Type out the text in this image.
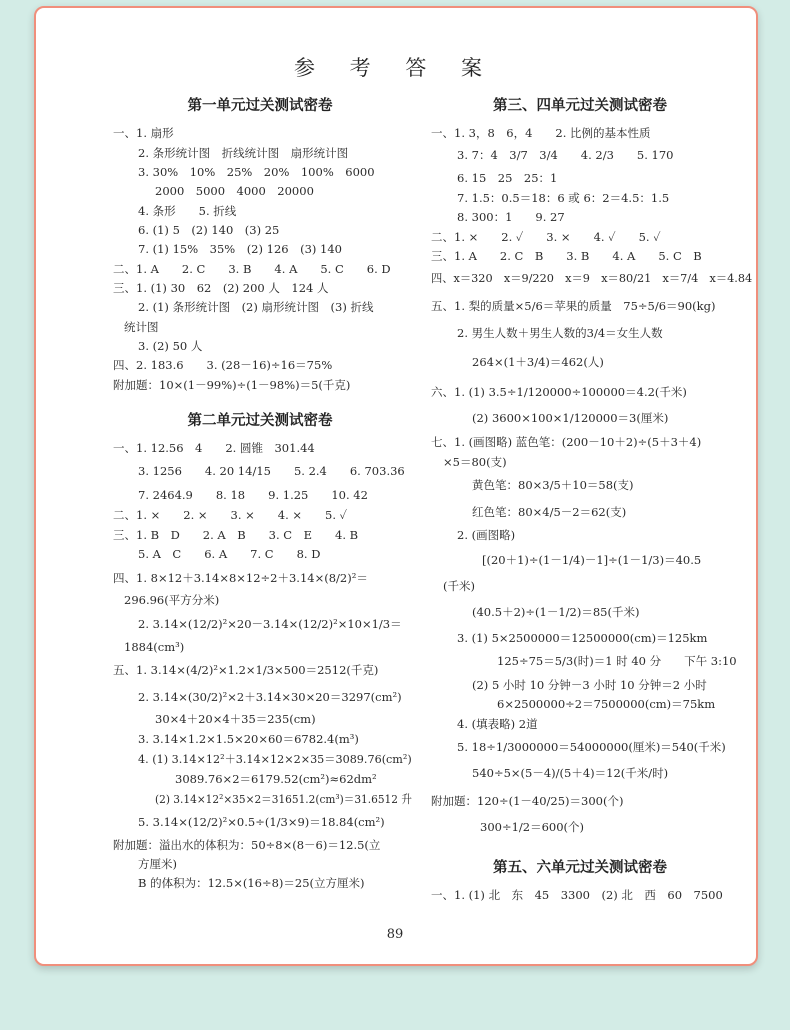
参 考 答 案
第一单元过关测试密卷
一、1. 扇形
2. 条形统计图　折线统计图　扇形统计图
3. 30%　10%　25%　20%　100%　6000
2000　5000　4000　20000
4. 条形　　5. 折线
6. (1) 5　(2) 140　(3) 25
7. (1) 15%　35%　(2) 126　(3) 140
二、1. A　　2. C　　3. B　　4. A　　5. C　　6. D
三、1. (1) 30　62　(2) 200 人　124 人
2. (1) 条形统计图　(2) 扇形统计图　(3) 折线
统计图
3. (2) 50 人
四、2. 183.6　　3. (28－16)÷16＝75%
附加题：10×(1－99%)÷(1－98%)＝5(千克)
第二单元过关测试密卷
一、1. 12.56　4　　2. 圆锥　301.44
3. 1256　　4. 20 14/15　　5. 2.4　　6. 703.36
7. 2464.9　　8. 18　　9. 1.25　　10. 42
二、1. ×　　2. ×　　3. ×　　4. ×　　5. ✓
三、1. B　D　　2. A　B　　3. C　E　　4. B
5. A　C　　6. A　　7. C　　8. D
四、1. 8×12＋3.14×8×12÷2＋3.14×(8/2)²＝
296.96(平方分米)
2. 3.14×(12/2)²×20－3.14×(12/2)²×10×1/3＝
1884(cm³)
五、1. 3.14×(4/2)²×1.2×1/3×500＝2512(千克)
2. 3.14×(30/2)²×2＋3.14×30×20＝3297(cm²)
30×4＋20×4＋35＝235(cm)
3. 3.14×1.2×1.5×20×60＝6782.4(m³)
4. (1) 3.14×12²＋3.14×12×2×35＝3089.76(cm²)
3089.76×2＝6179.52(cm²)≈62dm²
(2) 3.14×12²×35×2＝31651.2(cm³)＝31.6512 升
5. 3.14×(12/2)²×0.5÷(1/3×9)＝18.84(cm²)
附加题：溢出水的体积为：50÷8×(8－6)＝12.5(立
方厘米)
B 的体积为：12.5×(16÷8)＝25(立方厘米)
第三、四单元过关测试密卷
一、1. 3，8　6，4　　2. 比例的基本性质
3. 7：4　3/7　3/4　　4. 2/3　　5. 170
6. 15　25　25：1
7. 1.5：0.5＝18：6 或 6：2＝4.5：1.5
8. 300：1　　9. 27
二、1. ×　　2. ✓　　3. ×　　4. ✓　　5. ✓
三、1. A　　2. C　B　　3. B　　4. A　　5. C　B
四、x＝320　x＝9/220　x＝9　x＝80/21　x＝7/4　x＝4.84
五、1. 梨的质量×5/6＝苹果的质量　75÷5/6＝90(kg)
2. 男生人数＋男生人数的3/4＝女生人数
264×(1＋3/4)＝462(人)
六、1. (1) 3.5÷1/120000÷100000＝4.2(千米)
(2) 3600×100×1/120000＝3(厘米)
七、1. (画图略) 蓝色笔：(200－10＋2)÷(5＋3＋4)
×5＝80(支)
黄色笔：80×3/5＋10＝58(支)
红色笔：80×4/5－2＝62(支)
2. (画图略)
[(20＋1)÷(1－1/4)－1]÷(1－1/3)＝40.5
(千米)
(40.5＋2)÷(1－1/2)＝85(千米)
3. (1) 5×2500000＝12500000(cm)＝125km
125÷75＝5/3(时)＝1 时 40 分　　下午 3:10
(2) 5 小时 10 分钟－3 小时 10 分钟＝2 小时
6×2500000÷2＝7500000(cm)＝75km
4. (填表略) 2道
5. 18÷1/3000000＝54000000(厘米)＝540(千米)
540÷5×(5－4)/(5＋4)＝12(千米/时)
附加题：120÷(1－40/25)＝300(个)
300÷1/2＝600(个)
第五、六单元过关测试密卷
一、1. (1) 北　东　45　3300　(2) 北　西　60　7500
89
